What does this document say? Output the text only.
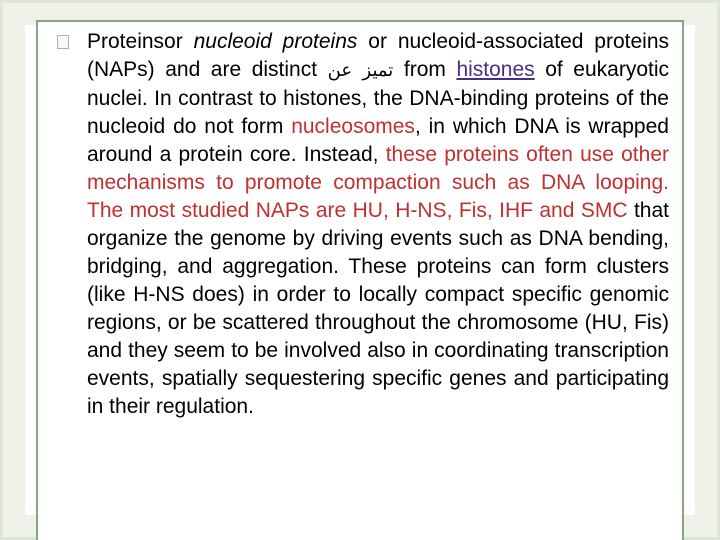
Proteinsor nucleoid proteins or nucleoid-associated proteins (NAPs) and are distinct تميز عن from histones of eukaryotic nuclei. In contrast to histones, the DNA-binding proteins of the nucleoid do not form nucleosomes, in which DNA is wrapped around a protein core. Instead, these proteins often use other mechanisms to promote compaction such as DNA looping. The most studied NAPs are HU, H-NS, Fis, IHF and SMC that organize the genome by driving events such as DNA bending, bridging, and aggregation. These proteins can form clusters (like H-NS does) in order to locally compact specific genomic regions, or be scattered throughout the chromosome (HU, Fis) and they seem to be involved also in coordinating transcription events, spatially sequestering specific genes and participating in their regulation.
